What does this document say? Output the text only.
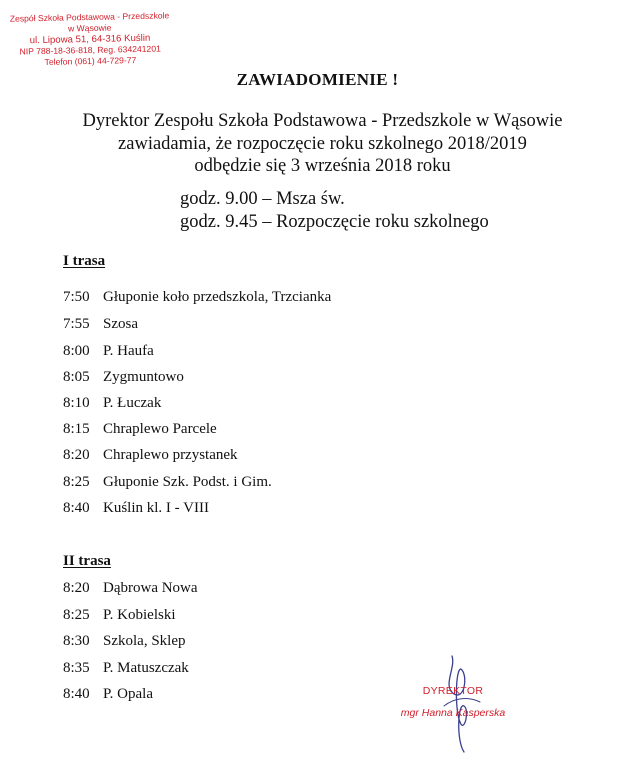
Zespół Szkoła Podstawowa - Przedszkole
w Wąsowie
ul. Lipowa 51, 64-316 Kuślin
NIP 788-18-36-818, Reg. 634241201
Telefon (061) 44-729-77
ZAWIADOMIENIE !
Dyrektor Zespołu Szkoła Podstawowa - Przedszkole w Wąsowie
zawiadamia, że rozpoczęcie roku szkolnego 2018/2019
odbędzie się 3 września 2018 roku
godz. 9.00 – Msza św.
godz. 9.45 – Rozpoczęcie roku szkolnego
I trasa
7:50 Głuponie koło przedszkola, Trzcianka
7:55 Szosa
8:00 P. Haufa
8:05 Zygmuntowo
8:10 P. Łuczak
8:15 Chraplewo Parcele
8:20 Chraplewo przystanek
8:25 Głuponie Szk. Podst. i Gim.
8:40 Kuślin kl. I - VIII
II trasa
8:20 Dąbrowa Nowa
8:25 P. Kobielski
8:30 Szkola, Sklep
8:35 P. Matuszczak
8:40 P. Opala	DYREKTOR
mgr Hanna Kasperska
